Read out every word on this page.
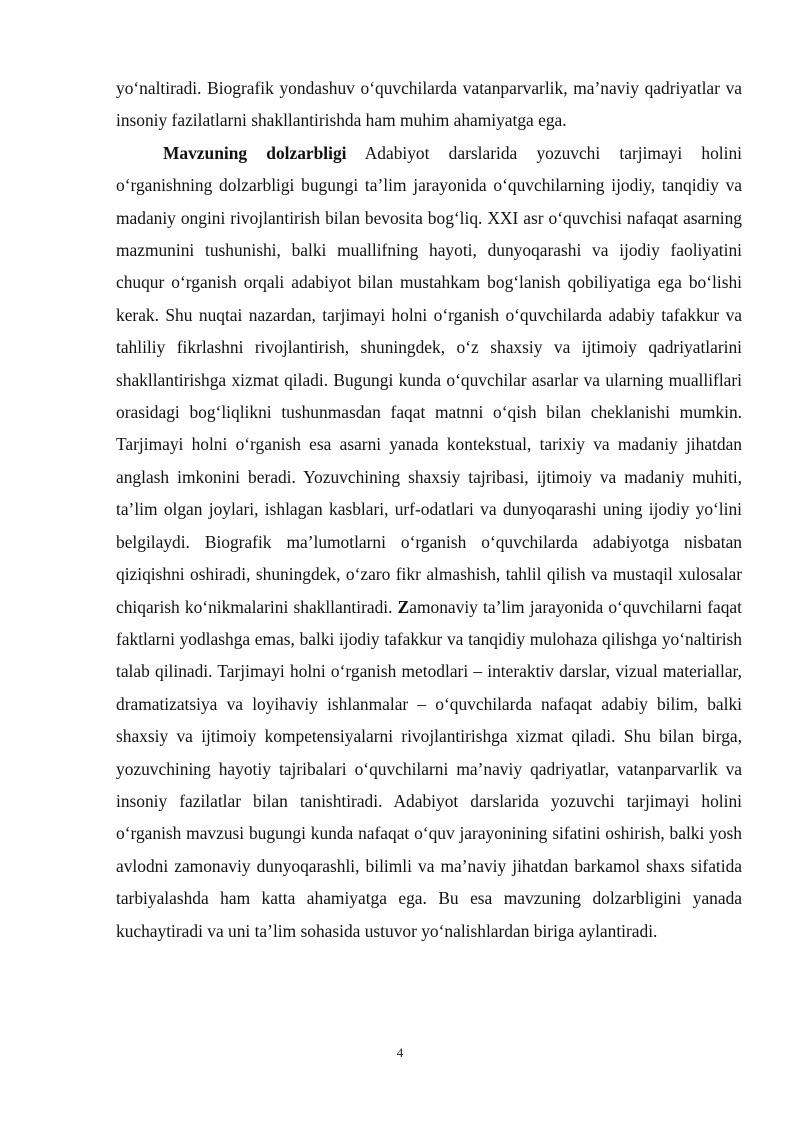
yo‘naltiradi. Biografik yondashuv o‘quvchilarda vatanparvarlik, ma’naviy qadriyatlar va insoniy fazilatlarni shakllantirishda ham muhim ahamiyatga ega.

Mavzuning dolzarbligi Adabiyot darslarida yozuvchi tarjimayi holini o‘rganishning dolzarbligi bugungi ta’lim jarayonida o‘quvchilarning ijodiy, tanqidiy va madaniy ongini rivojlantirish bilan bevosita bog‘liq. XXI asr o‘quvchisi nafaqat asarning mazmunini tushunishi, balki muallifning hayoti, dunyoqarashi va ijodiy faoliyatini chuqur o‘rganish orqali adabiyot bilan mustahkam bog‘lanish qobiliyatiga ega bo‘lishi kerak. Shu nuqtai nazardan, tarjimayi holni o‘rganish o‘quvchilarda adabiy tafakkur va tahliliy fikrlashni rivojlantirish, shuningdek, o‘z shaxsiy va ijtimoiy qadriyatlarini shakllantirishga xizmat qiladi. Bugungi kunda o‘quvchilar asarlar va ularning mualliflari orasidagi bog‘liqlikni tushunmasdan faqat matnni o‘qish bilan cheklanishi mumkin. Tarjimayi holni o‘rganish esa asarni yanada kontekstual, tarixiy va madaniy jihatdan anglash imkonini beradi. Yozuvchining shaxsiy tajribasi, ijtimoiy va madaniy muhiti, ta’lim olgan joylari, ishlagan kasblari, urf-odatlari va dunyoqarashi uning ijodiy yo‘lini belgilaydi. Biografik ma’lumotlarni o‘rganish o‘quvchilarda adabiyotga nisbatan qiziqishni oshiradi, shuningdek, o‘zaro fikr almashish, tahlil qilish va mustaqil xulosalar chiqarish ko‘nikmalarini shakllantiradi. Zamonaviy ta’lim jarayonida o‘quvchilarni faqat faktlarni yodlashga emas, balki ijodiy tafakkur va tanqidiy mulohaza qilishga yo‘naltirish talab qilinadi. Tarjimayi holni o‘rganish metodlari – interaktiv darslar, vizual materiallar, dramatizatsiya va loyihaviy ishlanmalar – o‘quvchilarda nafaqat adabiy bilim, balki shaxsiy va ijtimoiy kompetensiyalarni rivojlantirishga xizmat qiladi. Shu bilan birga, yozuvchining hayotiy tajribalari o‘quvchilarni ma’naviy qadriyatlar, vatanparvarlik va insoniy fazilatlar bilan tanishtiradi. Adabiyot darslarida yozuvchi tarjimayi holini o‘rganish mavzusi bugungi kunda nafaqat o‘quv jarayonining sifatini oshirish, balki yosh avlodni zamonaviy dunyoqarashli, bilimli va ma’naviy jihatdan barkamol shaxs sifatida tarbiyalashda ham katta ahamiyatga ega. Bu esa mavzuning dolzarbligini yanada kuchaytiradi va uni ta’lim sohasida ustuvor yo‘nalishlardan biriga aylantiradi.

4
